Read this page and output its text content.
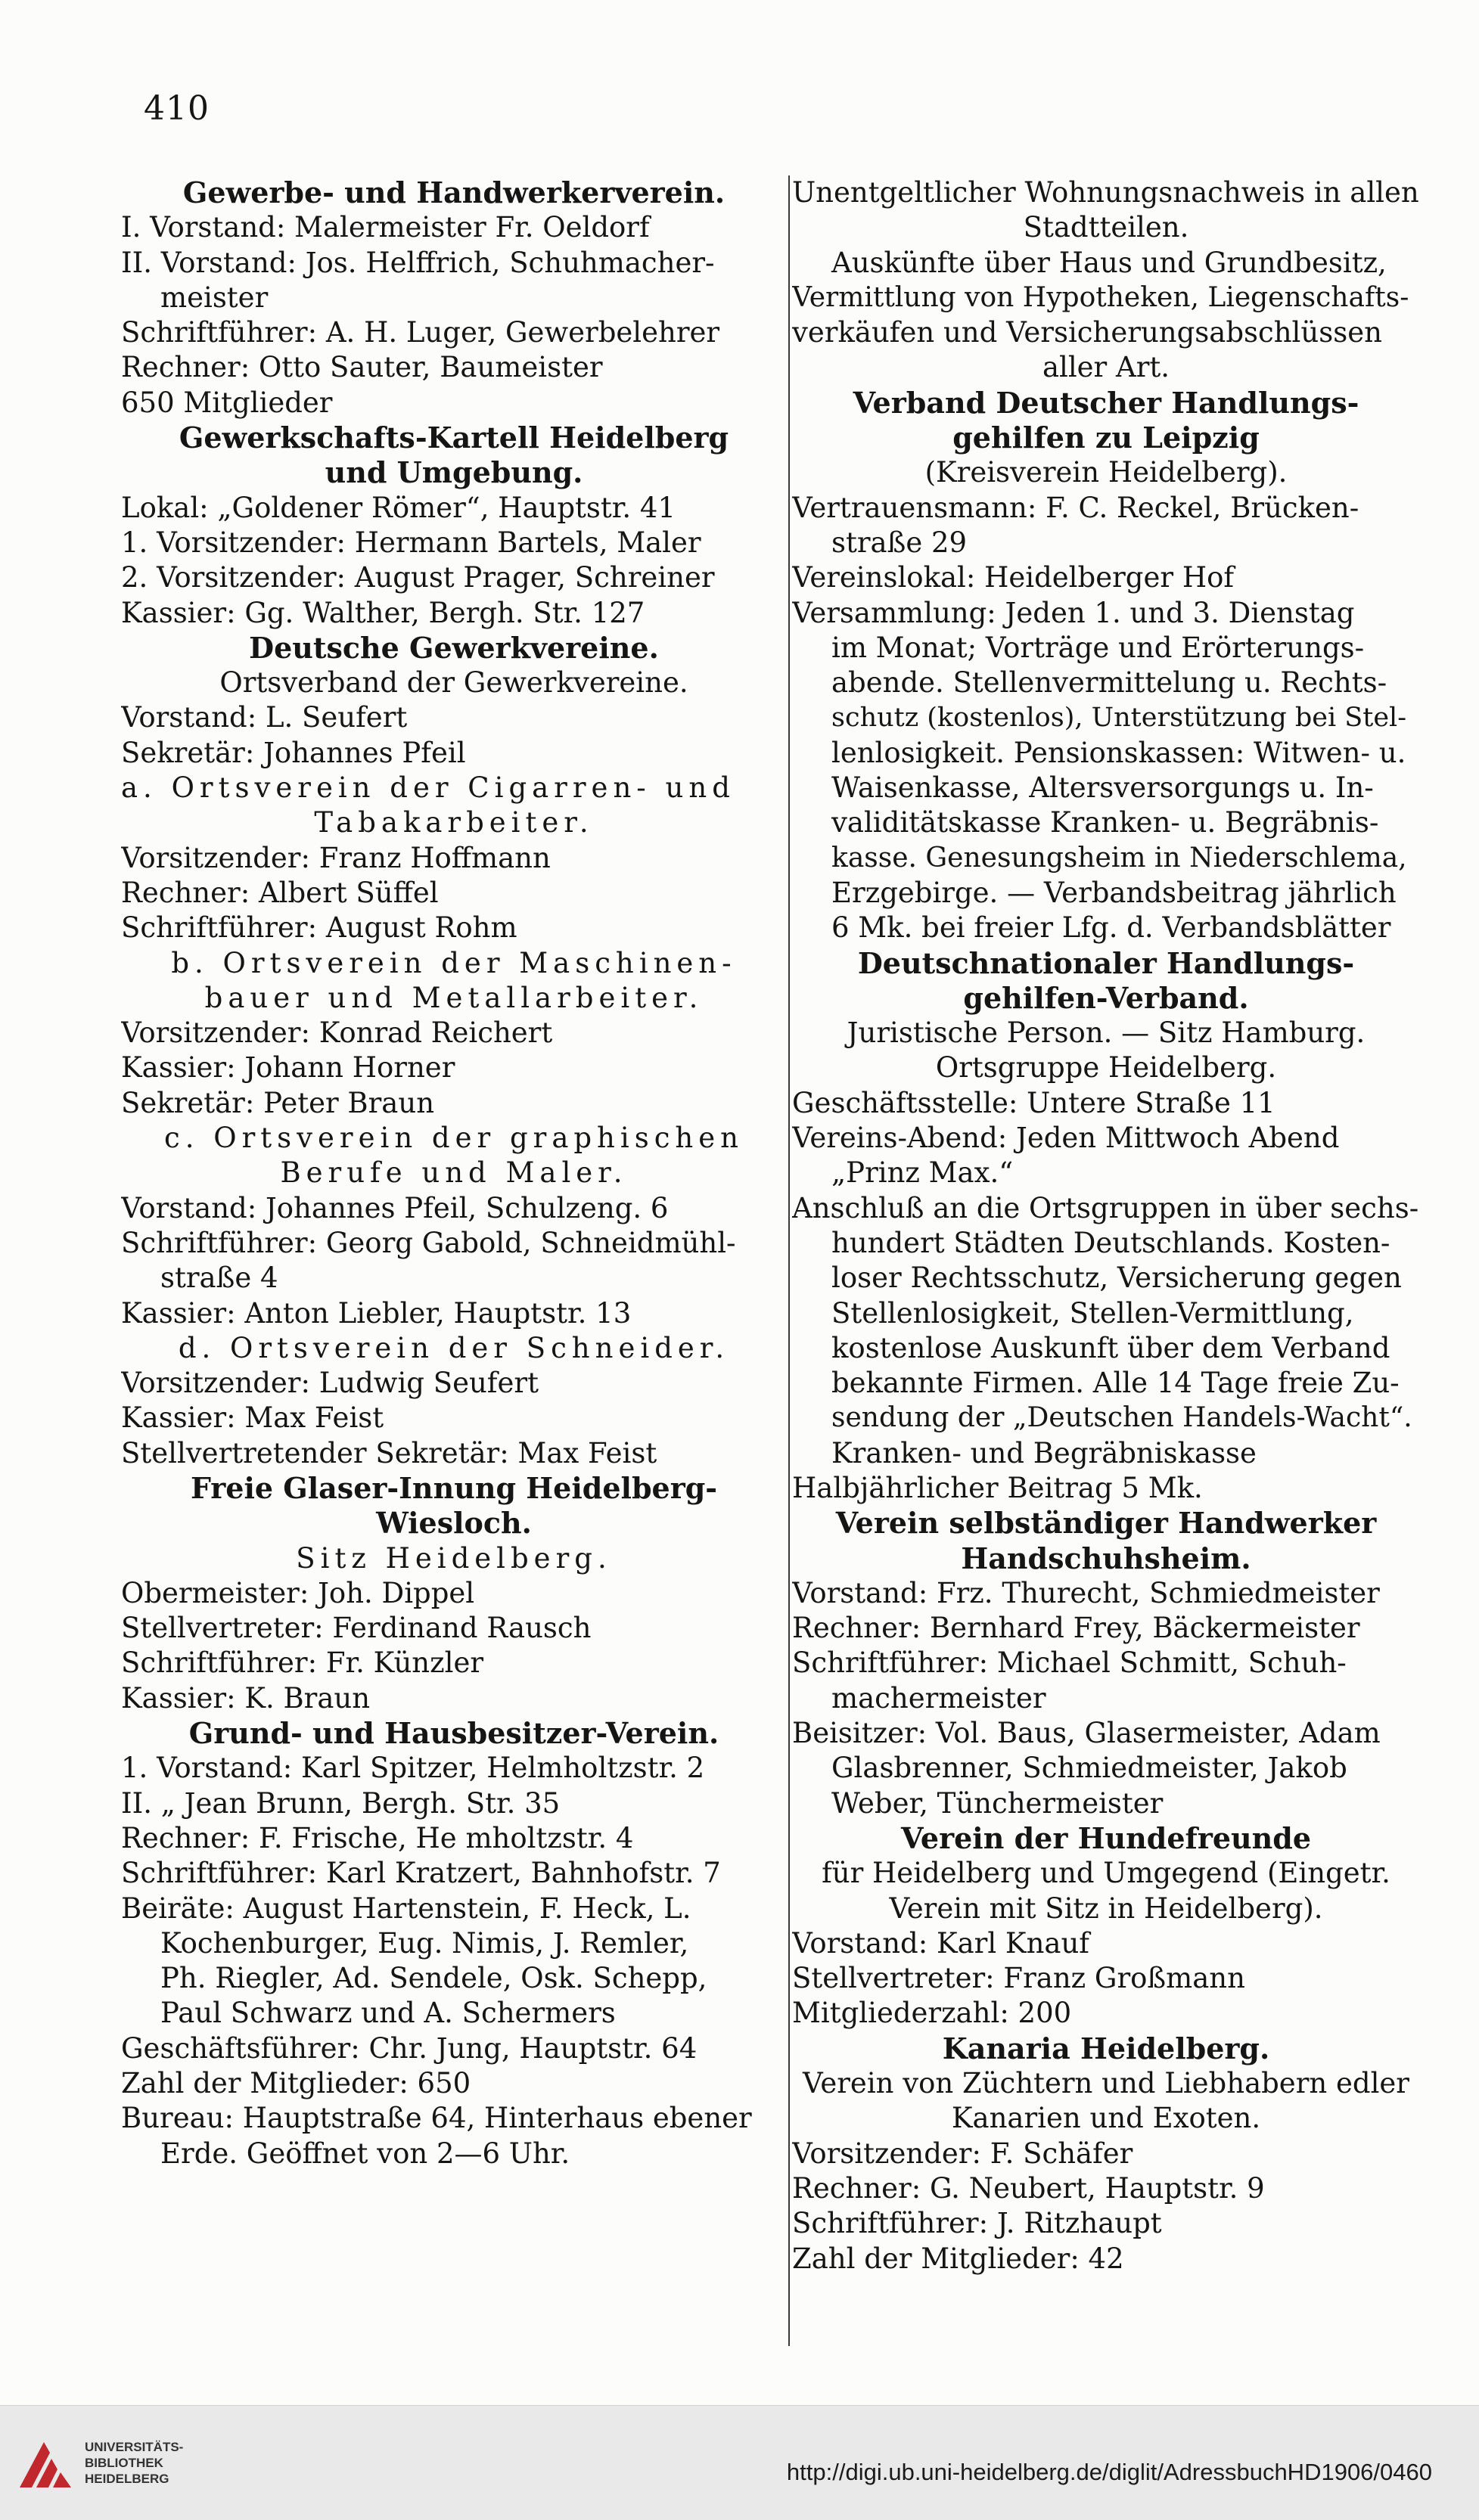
410
Gewerbe- und Handwerkerverein.
I. Vorstand: Malermeister Fr. Oeldorf
II. Vorstand: Jos. Helffrich, Schuhmacher-
meister
Schriftführer: A. H. Luger, Gewerbelehrer
Rechner: Otto Sauter, Baumeister
650 Mitglieder
Gewerkschafts-Kartell Heidelberg
und Umgebung.
Lokal: „Goldener Römer“, Hauptstr. 41
1. Vorsitzender: Hermann Bartels, Maler
2. Vorsitzender: August Prager, Schreiner
Kassier: Gg. Walther, Bergh. Str. 127
Deutsche Gewerkvereine.
Ortsverband der Gewerkvereine.
Vorstand: L. Seufert
Sekretär: Johannes Pfeil
a. Ortsverein der Cigarren- und
Tabakarbeiter.
Vorsitzender: Franz Hoffmann
Rechner: Albert Süffel
Schriftführer: August Rohm
b. Ortsverein der Maschinen-
bauer und Metallarbeiter.
Vorsitzender: Konrad Reichert
Kassier: Johann Horner
Sekretär: Peter Braun
c. Ortsverein der graphischen
Berufe und Maler.
Vorstand: Johannes Pfeil, Schulzeng. 6
Schriftführer: Georg Gabold, Schneidmühl-
straße 4
Kassier: Anton Liebler, Hauptstr. 13
d. Ortsverein der Schneider.
Vorsitzender: Ludwig Seufert
Kassier: Max Feist
Stellvertretender Sekretär: Max Feist
Freie Glaser-Innung Heidelberg-
Wiesloch.
Sitz Heidelberg.
Obermeister: Joh. Dippel
Stellvertreter: Ferdinand Rausch
Schriftführer: Fr. Künzler
Kassier: K. Braun
Grund- und Hausbesitzer-Verein.
1. Vorstand: Karl Spitzer, Helmholtzstr. 2
II. „ Jean Brunn, Bergh. Str. 35
Rechner: F. Frische, He mholtzstr. 4
Schriftführer: Karl Kratzert, Bahnhofstr. 7
Beiräte: August Hartenstein, F. Heck, L.
Kochenburger, Eug. Nimis, J. Remler,
Ph. Riegler, Ad. Sendele, Osk. Schepp,
Paul Schwarz und A. Schermers
Geschäftsführer: Chr. Jung, Hauptstr. 64
Zahl der Mitglieder: 650
Bureau: Hauptstraße 64, Hinterhaus ebener
Erde. Geöffnet von 2—6 Uhr.
Unentgeltlicher Wohnungsnachweis in allen
Stadtteilen.
Auskünfte über Haus und Grundbesitz,
Vermittlung von Hypotheken, Liegenschafts-
verkäufen und Versicherungsabschlüssen
aller Art.
Verband Deutscher Handlungs-
gehilfen zu Leipzig
(Kreisverein Heidelberg).
Vertrauensmann: F. C. Reckel, Brücken-
straße 29
Vereinslokal: Heidelberger Hof
Versammlung: Jeden 1. und 3. Dienstag
im Monat; Vorträge und Erörterungs-
abende. Stellenvermittelung u. Rechts-
schutz (kostenlos), Unterstützung bei Stel-
lenlosigkeit. Pensionskassen: Witwen- u.
Waisenkasse, Altersversorgungs u. In-
validitätskasse Kranken- u. Begräbnis-
kasse. Genesungsheim in Niederschlema,
Erzgebirge. — Verbandsbeitrag jährlich
6 Mk. bei freier Lfg. d. Verbandsblätter
Deutschnationaler Handlungs-
gehilfen-Verband.
Juristische Person. — Sitz Hamburg.
Ortsgruppe Heidelberg.
Geschäftsstelle: Untere Straße 11
Vereins-Abend: Jeden Mittwoch Abend
„Prinz Max.“
Anschluß an die Ortsgruppen in über sechs-
hundert Städten Deutschlands. Kosten-
loser Rechtsschutz, Versicherung gegen
Stellenlosigkeit, Stellen-Vermittlung,
kostenlose Auskunft über dem Verband
bekannte Firmen. Alle 14 Tage freie Zu-
sendung der „Deutschen Handels-Wacht“.
Kranken- und Begräbniskasse
Halbjährlicher Beitrag 5 Mk.
Verein selbständiger Handwerker
Handschuhsheim.
Vorstand: Frz. Thurecht, Schmiedmeister
Rechner: Bernhard Frey, Bäckermeister
Schriftführer: Michael Schmitt, Schuh-
machermeister
Beisitzer: Vol. Baus, Glasermeister, Adam
Glasbrenner, Schmiedmeister, Jakob
Weber, Tünchermeister
Verein der Hundefreunde
für Heidelberg und Umgegend (Eingetr.
Verein mit Sitz in Heidelberg).
Vorstand: Karl Knauf
Stellvertreter: Franz Großmann
Mitgliederzahl: 200
Kanaria Heidelberg.
Verein von Züchtern und Liebhabern edler
Kanarien und Exoten.
Vorsitzender: F. Schäfer
Rechner: G. Neubert, Hauptstr. 9
Schriftführer: J. Ritzhaupt
Zahl der Mitglieder: 42
UNIVERSITÄTS-
BIBLIOTHEK
HEIDELBERG	http://digi.ub.uni-heidelberg.de/diglit/AdressbuchHD1906/0460
